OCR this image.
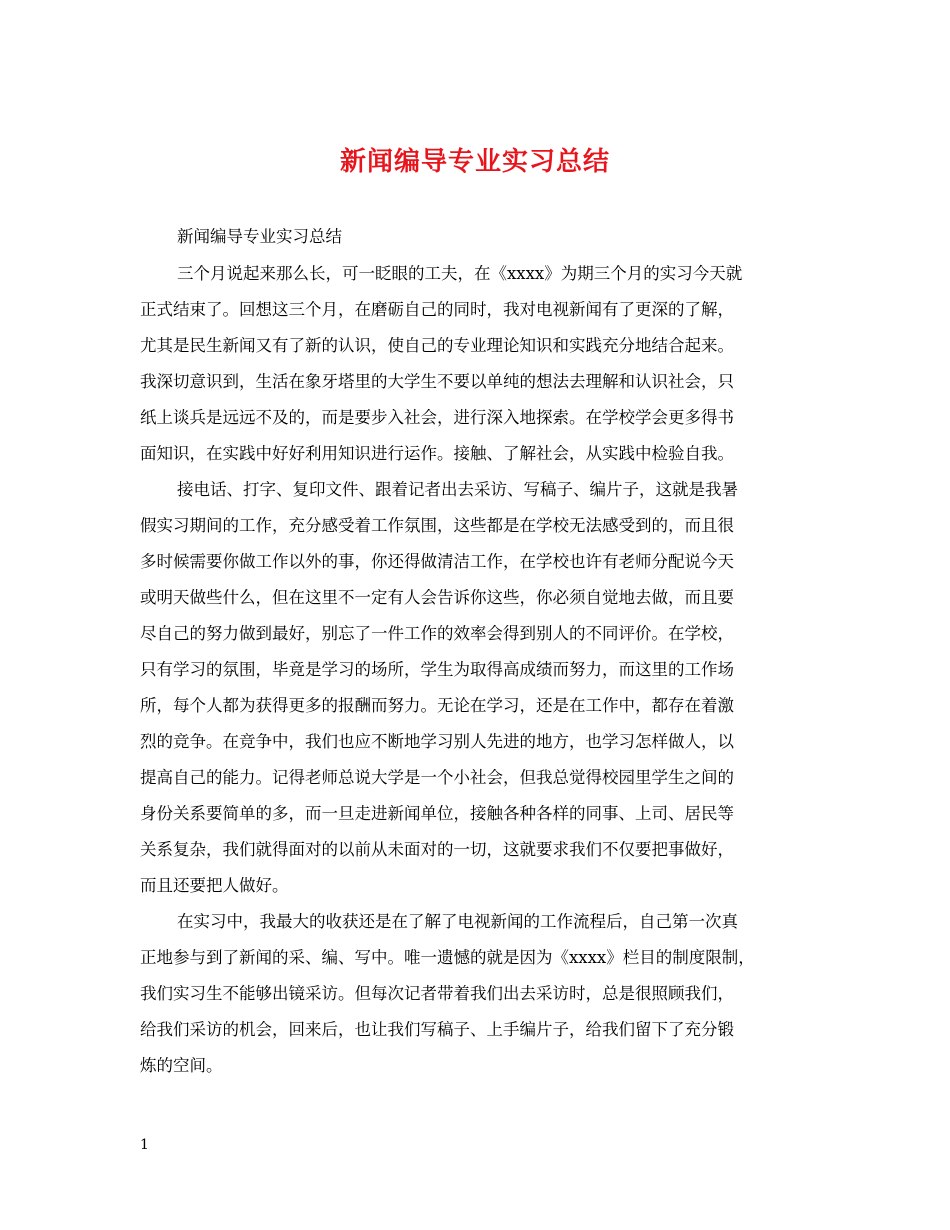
新闻编导专业实习总结
新闻编导专业实习总结
三个月说起来那么长，可一眨眼的工夫，在《xxxx》为期三个月的实习今天就
正式结束了。回想这三个月，在磨砺自己的同时，我对电视新闻有了更深的了解，
尤其是民生新闻又有了新的认识，使自己的专业理论知识和实践充分地结合起来。
我深切意识到，生活在象牙塔里的大学生不要以单纯的想法去理解和认识社会，只
纸上谈兵是远远不及的，而是要步入社会，进行深入地探索。在学校学会更多得书
面知识，在实践中好好利用知识进行运作。接触、了解社会，从实践中检验自我。
接电话、打字、复印文件、跟着记者出去采访、写稿子、编片子，这就是我暑
假实习期间的工作，充分感受着工作氛围，这些都是在学校无法感受到的，而且很
多时候需要你做工作以外的事，你还得做清洁工作，在学校也许有老师分配说今天
或明天做些什么，但在这里不一定有人会告诉你这些，你必须自觉地去做，而且要
尽自己的努力做到最好，别忘了一件工作的效率会得到别人的不同评价。在学校，
只有学习的氛围，毕竟是学习的场所，学生为取得高成绩而努力，而这里的工作场
所，每个人都为获得更多的报酬而努力。无论在学习，还是在工作中，都存在着激
烈的竞争。在竞争中，我们也应不断地学习别人先进的地方，也学习怎样做人，以
提高自己的能力。记得老师总说大学是一个小社会，但我总觉得校园里学生之间的
身份关系要简单的多，而一旦走进新闻单位，接触各种各样的同事、上司、居民等
关系复杂，我们就得面对的以前从未面对的一切，这就要求我们不仅要把事做好，
而且还要把人做好。
在实习中，我最大的收获还是在了解了电视新闻的工作流程后，自己第一次真
正地参与到了新闻的采、编、写中。唯一遗憾的就是因为《xxxx》栏目的制度限制，
我们实习生不能够出镜采访。但每次记者带着我们出去采访时，总是很照顾我们，
给我们采访的机会，回来后，也让我们写稿子、上手编片子，给我们留下了充分锻
炼的空间。
1
